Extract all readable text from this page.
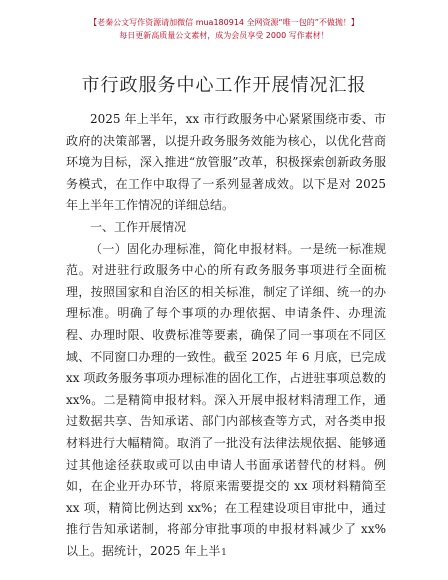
【老秦公文写作资源请加微信 mua180914 全网资源“唯一包的”不做抛！】
每日更新高质量公文素材，成为会员享受 2000 写作素材！
市行政服务中心工作开展情况汇报

2025 年上半年，xx 市行政服务中心紧紧围绕市委、市政府的决策部署，以提升政务服务效能为核心，以优化营商环境为目标，深入推进“放管服”改革，积极探索创新政务服务模式，在工作中取得了一系列显著成效。以下是对 2025 年上半年工作情况的详细总结。

一、工作开展情况

（一）固化办理标准，简化申报材料。一是统一标准规范。对进驻行政服务中心的所有政务服务事项进行全面梳理，按照国家和自治区的相关标准，制定了详细、统一的办理标准。明确了每个事项的办理依据、申请条件、办理流程、办理时限、收费标准等要素，确保了同一事项在不同区域、不同窗口办理的一致性。截至 2025 年 6 月底，已完成 xx 项政务服务事项办理标准的固化工作，占进驻事项总数的 xx%。二是精简申报材料。深入开展申报材料清理工作，通过数据共享、告知承诺、部门内部核查等方式，对各类申报材料进行大幅精简。取消了一批没有法律法规依据、能够通过其他途径获取或可以由申请人书面承诺替代的材料。例如，在企业开办环节，将原来需要提交的 xx 项材料精简至 xx 项，精简比例达到 xx%；在工程建设项目审批中，通过推行告知承诺制，将部分审批事项的申报材料减少了 xx% 以上。据统计，2025 年上半 1
